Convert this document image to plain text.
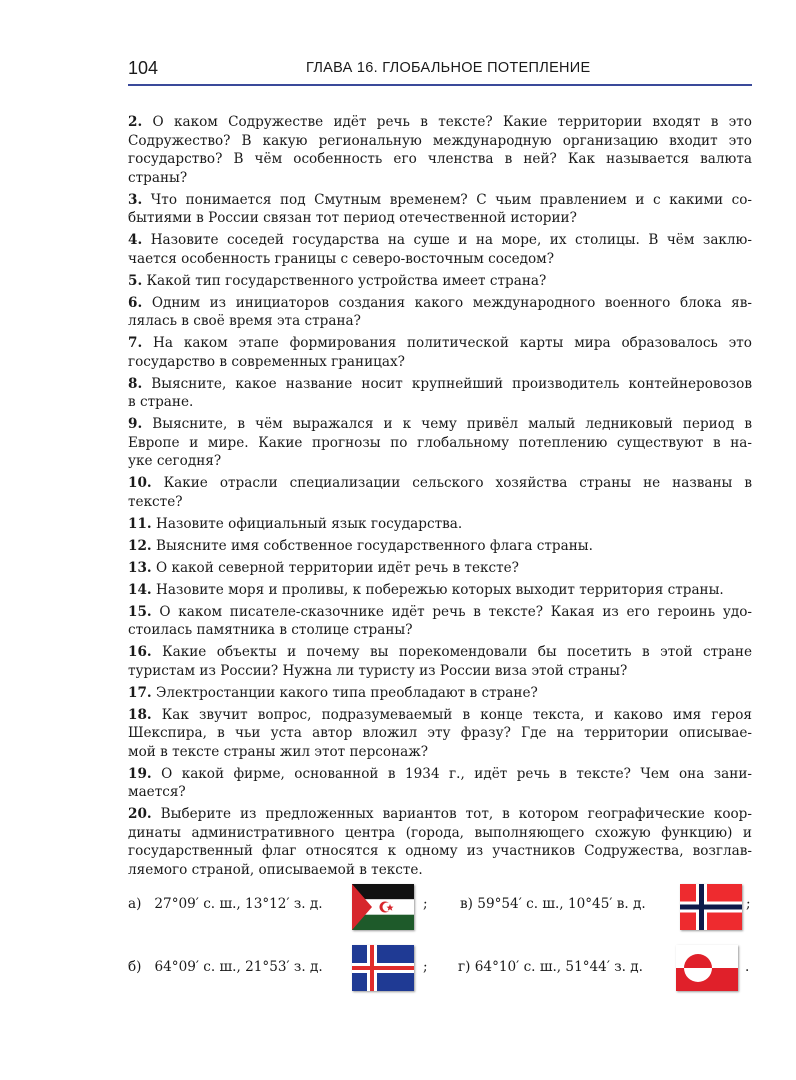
104	ГЛАВА 16. ГЛОБАЛЬНОЕ ПОТЕПЛЕНИЕ
2. О каком Содружестве идёт речь в тексте? Какие территории входят в это
Содружество? В какую региональную международную организацию входит это
государство? В чём особенность его членства в ней? Как называется валюта
страны?
3. Что понимается под Смутным временем? С чьим правлением и с какими со-
бытиями в России связан тот период отечественной истории?
4. Назовите соседей государства на суше и на море, их столицы. В чём заклю-
чается особенность границы с северо-восточным соседом?
5. Какой тип государственного устройства имеет страна?
6. Одним из инициаторов создания какого международного военного блока яв-
лялась в своё время эта страна?
7. На каком этапе формирования политической карты мира образовалось это
государство в современных границах?
8. Выясните, какое название носит крупнейший производитель контейнеровозов
в стране.
9. Выясните, в чём выражался и к чему привёл малый ледниковый период в
Европе и мире. Какие прогнозы по глобальному потеплению существуют в на-
уке сегодня?
10. Какие отрасли специализации сельского хозяйства страны не названы в
тексте?
11. Назовите официальный язык государства.
12. Выясните имя собственное государственного флага страны.
13. О какой северной территории идёт речь в тексте?
14. Назовите моря и проливы, к побережью которых выходит территория страны.
15. О каком писателе-сказочнике идёт речь в тексте? Какая из его героинь удо-
стоилась памятника в столице страны?
16. Какие объекты и почему вы порекомендовали бы посетить в этой стране
туристам из России? Нужна ли туристу из России виза этой страны?
17. Электростанции какого типа преобладают в стране?
18. Как звучит вопрос, подразумеваемый в конце текста, и каково имя героя
Шекспира, в чьи уста автор вложил эту фразу? Где на территории описывае-
мой в тексте страны жил этот персонаж?
19. О какой фирме, основанной в 1934 г., идёт речь в тексте? Чем она зани-
мается?
20. Выберите из предложенных вариантов тот, в котором географические коор-
динаты административного центра (города, выполняющего схожую функцию) и
государственный флаг относятся к одному из участников Содружества, возглав-
ляемого страной, описываемой в тексте.
а) 27°09′ с. ш., 13°12′ з. д.	; в) 59°54′ с. ш., 10°45′ в. д.	;
б) 64°09′ с. ш., 21°53′ з. д.	; г) 64°10′ с. ш., 51°44′ з. д.	.
